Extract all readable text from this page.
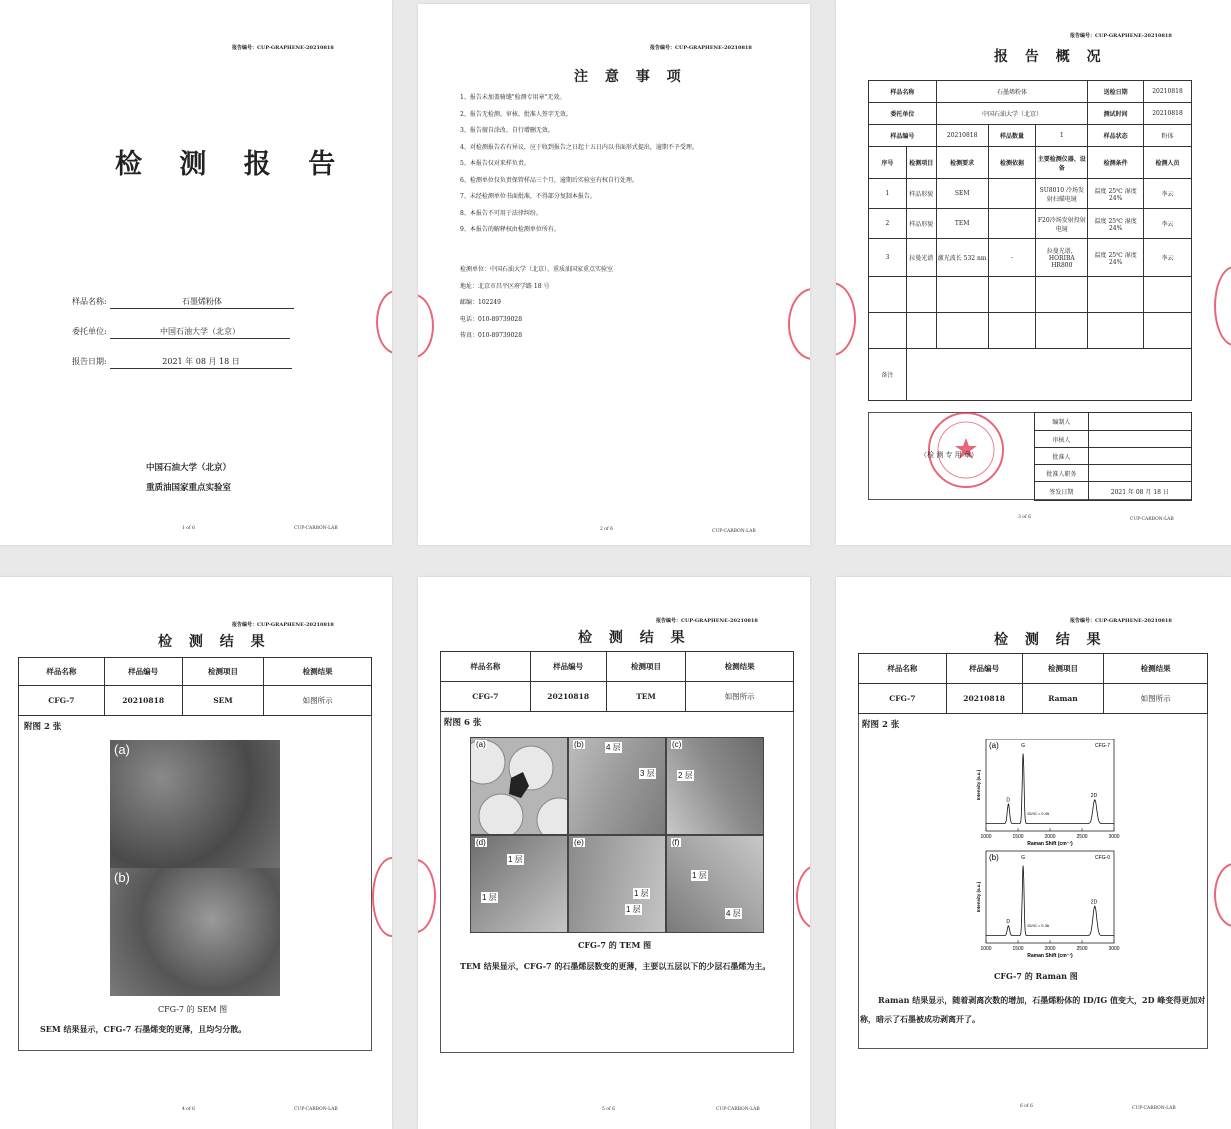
报告编号：CUP-GRAPHENE-20210818
检 测 报 告
样品名称:	石墨烯粉体
委托单位:	中国石油大学（北京）
报告日期:	2021 年 08 月 18 日
中国石油大学（北京）
重质油国家重点实验室
1 of 6	CUP-CARBON-LAB
报告编号：CUP-GRAPHENE-20210818
注 意 事 项
1、报告未加盖骑缝"检测专用章"无效。
2、报告无检测、审核、批准人签字无效。
3、报告擅自涂改、自行增删无效。
4、对检测报告若有异议，应于收到报告之日起十五日内以书面形式提出，逾期不予受理。
5、本报告仅对来样负责。
6、检测单位仅负责保管样品三个月，逾期后实验室有权自行处理。
7、未经检测单位书面批准，不得部分复制本报告。
8、本报告不可用于法律纠纷。
9、本报告的解释权由检测单位所有。
检测单位：中国石油大学（北京）、重质油国家重点实验室
地址：北京市昌平区府学路 18 号
邮编：102249
电话：010-89739028
传真：010-89739028
2 of 6	CUP-CARBON-LAB
报告编号：CUP-GRAPHENE-20210818
报 告 概 况
样品名称		石墨烯粉体			送检日期	20210818
委托单位		中国石油大学（北京）			测试时间	20210818
样品编号		20210818	样品数量	1	样品状态	粉体
序号	检测项目	检测要求	检测依据	主要检测仪器、设备	检测条件	检测人员
1	样品形貌	SEM		SU8010 冷场发射扫描电镜	温度 25℃ 湿度 24%	李云
2	样品形貌	TEM		F20冷场发射投射电镜	温度 25℃ 湿度 24%	李云
3	拉曼光谱	激光波长 532 nm	-	拉曼光谱，HORIBA HR800	温度 25℃ 湿度 24%	李云

备注						
编制人	
审核人	
批准人	
批准人职务	
签发日期	2021 年 08 月 18 日
（检 测 专 用 章）
3 of 6	CUP-CARBON-LAB
报告编号：CUP-GRAPHENE-20210818
检 测 结 果
样品名称	样品编号	检测项目	检测结果
CFG-7	20210818	SEM	如图所示
附图 2 张
(a)
(b)
CFG-7 的 SEM 图
SEM 结果显示，CFG-7 石墨烯变的更薄，且均匀分散。
4 of 6	CUP-CARBON-LAB
报告编号：CUP-GRAPHENE-20210818
检 测 结 果
样品名称	样品编号	检测项目	检测结果
CFG-7	20210818	TEM	如图所示
附图 6 张
(a)	(b)	4 层
3 层
(c)
2 层
(d)
1 层
1 层
(e)
1 层
1 层
(f)
1 层
4 层
CFG-7 的 TEM 图
TEM 结果显示，CFG-7 的石墨烯层数变的更薄，主要以五层以下的少层石墨烯为主。
5 of 6	CUP-CARBON-LAB
报告编号：CUP-GRAPHENE-20210818
检 测 结 果
样品名称	样品编号	检测项目	检测结果
CFG-7	20210818	Raman	如图所示
附图 2 张
(a)	CFG-7
ID/IG = 0.45
D
G
2D
1000	1500	2000	2500	3000
Raman Shift (cm⁻¹)
Intensity (a.u.)
(b)	CFG-0
ID/IG = 0.36
D
G
2D
1000	1500	2000	2500	3000
Raman Shift (cm⁻¹)
Intensity (a.u.)
CFG-7 的 Raman 图
Raman 结果显示，随着剥离次数的增加，石墨烯粉体的 ID/IG 值变大，2D 峰变得更加对称，暗示了石墨被成功剥离开了。
6 of 6	CUP-CARBON-LAB
